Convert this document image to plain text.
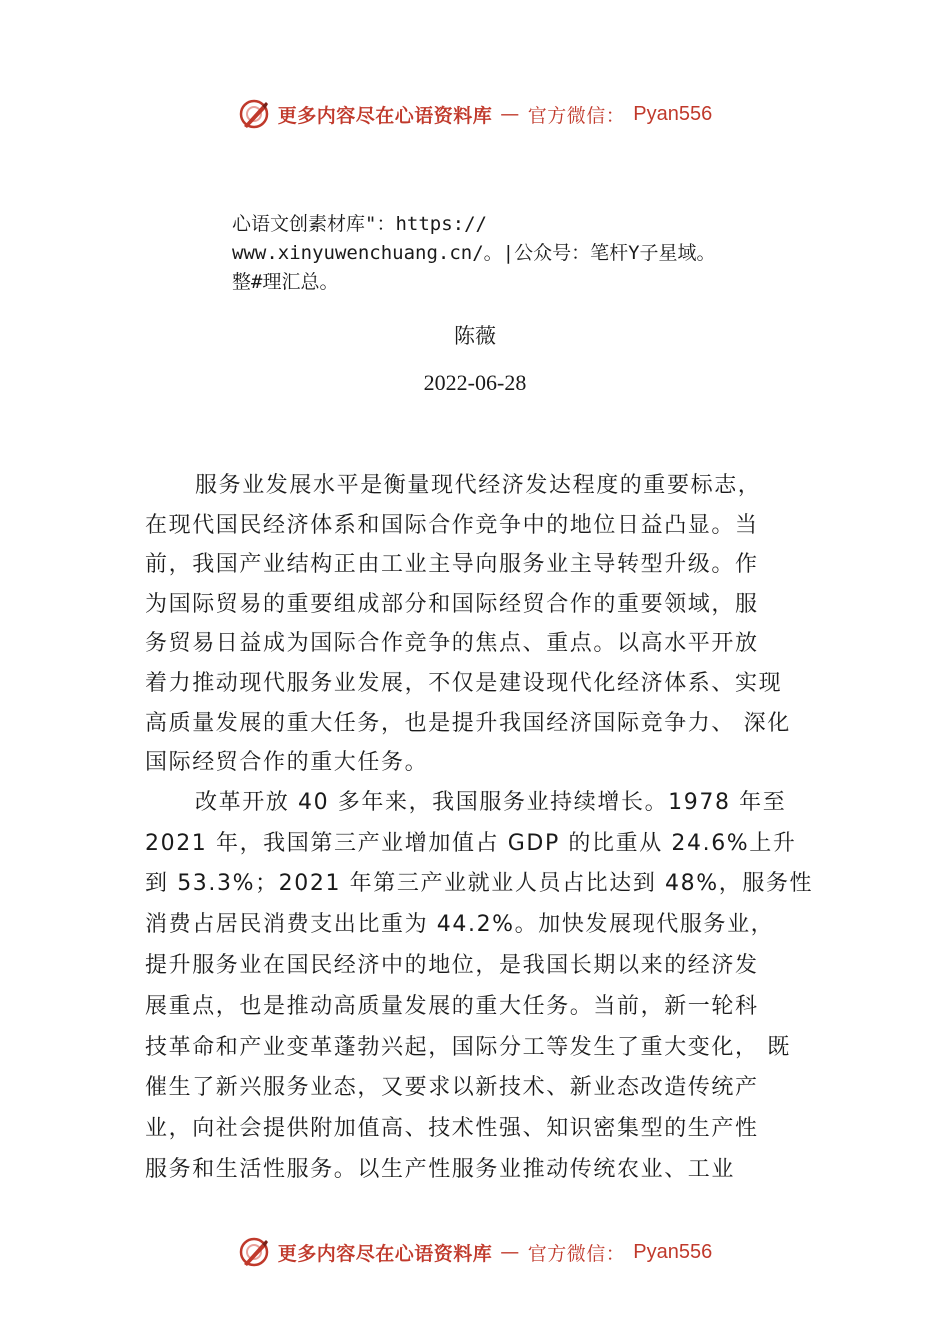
更多内容尽在心语资料库 — 官方微信： Pyan556
心语文创素材库"：https://
www.xinyuwenchuang.cn/。|公众号：笔杆Y子星域。
整#理汇总。
陈薇
2022-06-28
服务业发展水平是衡量现代经济发达程度的重要标志，
在现代国民经济体系和国际合作竞争中的地位日益凸显。当
前，我国产业结构正由工业主导向服务业主导转型升级。作
为国际贸易的重要组成部分和国际经贸合作的重要领域，服
务贸易日益成为国际合作竞争的焦点、重点。以高水平开放
着力推动现代服务业发展，不仅是建设现代化经济体系、实现
高质量发展的重大任务，也是提升我国经济国际竞争力、 深化
国际经贸合作的重大任务。
改革开放 40 多年来，我国服务业持续增长。1978 年至
2021 年，我国第三产业增加值占 GDP 的比重从 24.6%上升
到 53.3%；2021 年第三产业就业人员占比达到 48%，服务性
消费占居民消费支出比重为 44.2%。加快发展现代服务业，
提升服务业在国民经济中的地位，是我国长期以来的经济发
展重点，也是推动高质量发展的重大任务。当前，新一轮科
技革命和产业变革蓬勃兴起，国际分工等发生了重大变化， 既
催生了新兴服务业态，又要求以新技术、新业态改造传统产
业，向社会提供附加值高、技术性强、知识密集型的生产性
服务和生活性服务。以生产性服务业推动传统农业、工业
更多内容尽在心语资料库 — 官方微信： Pyan556
